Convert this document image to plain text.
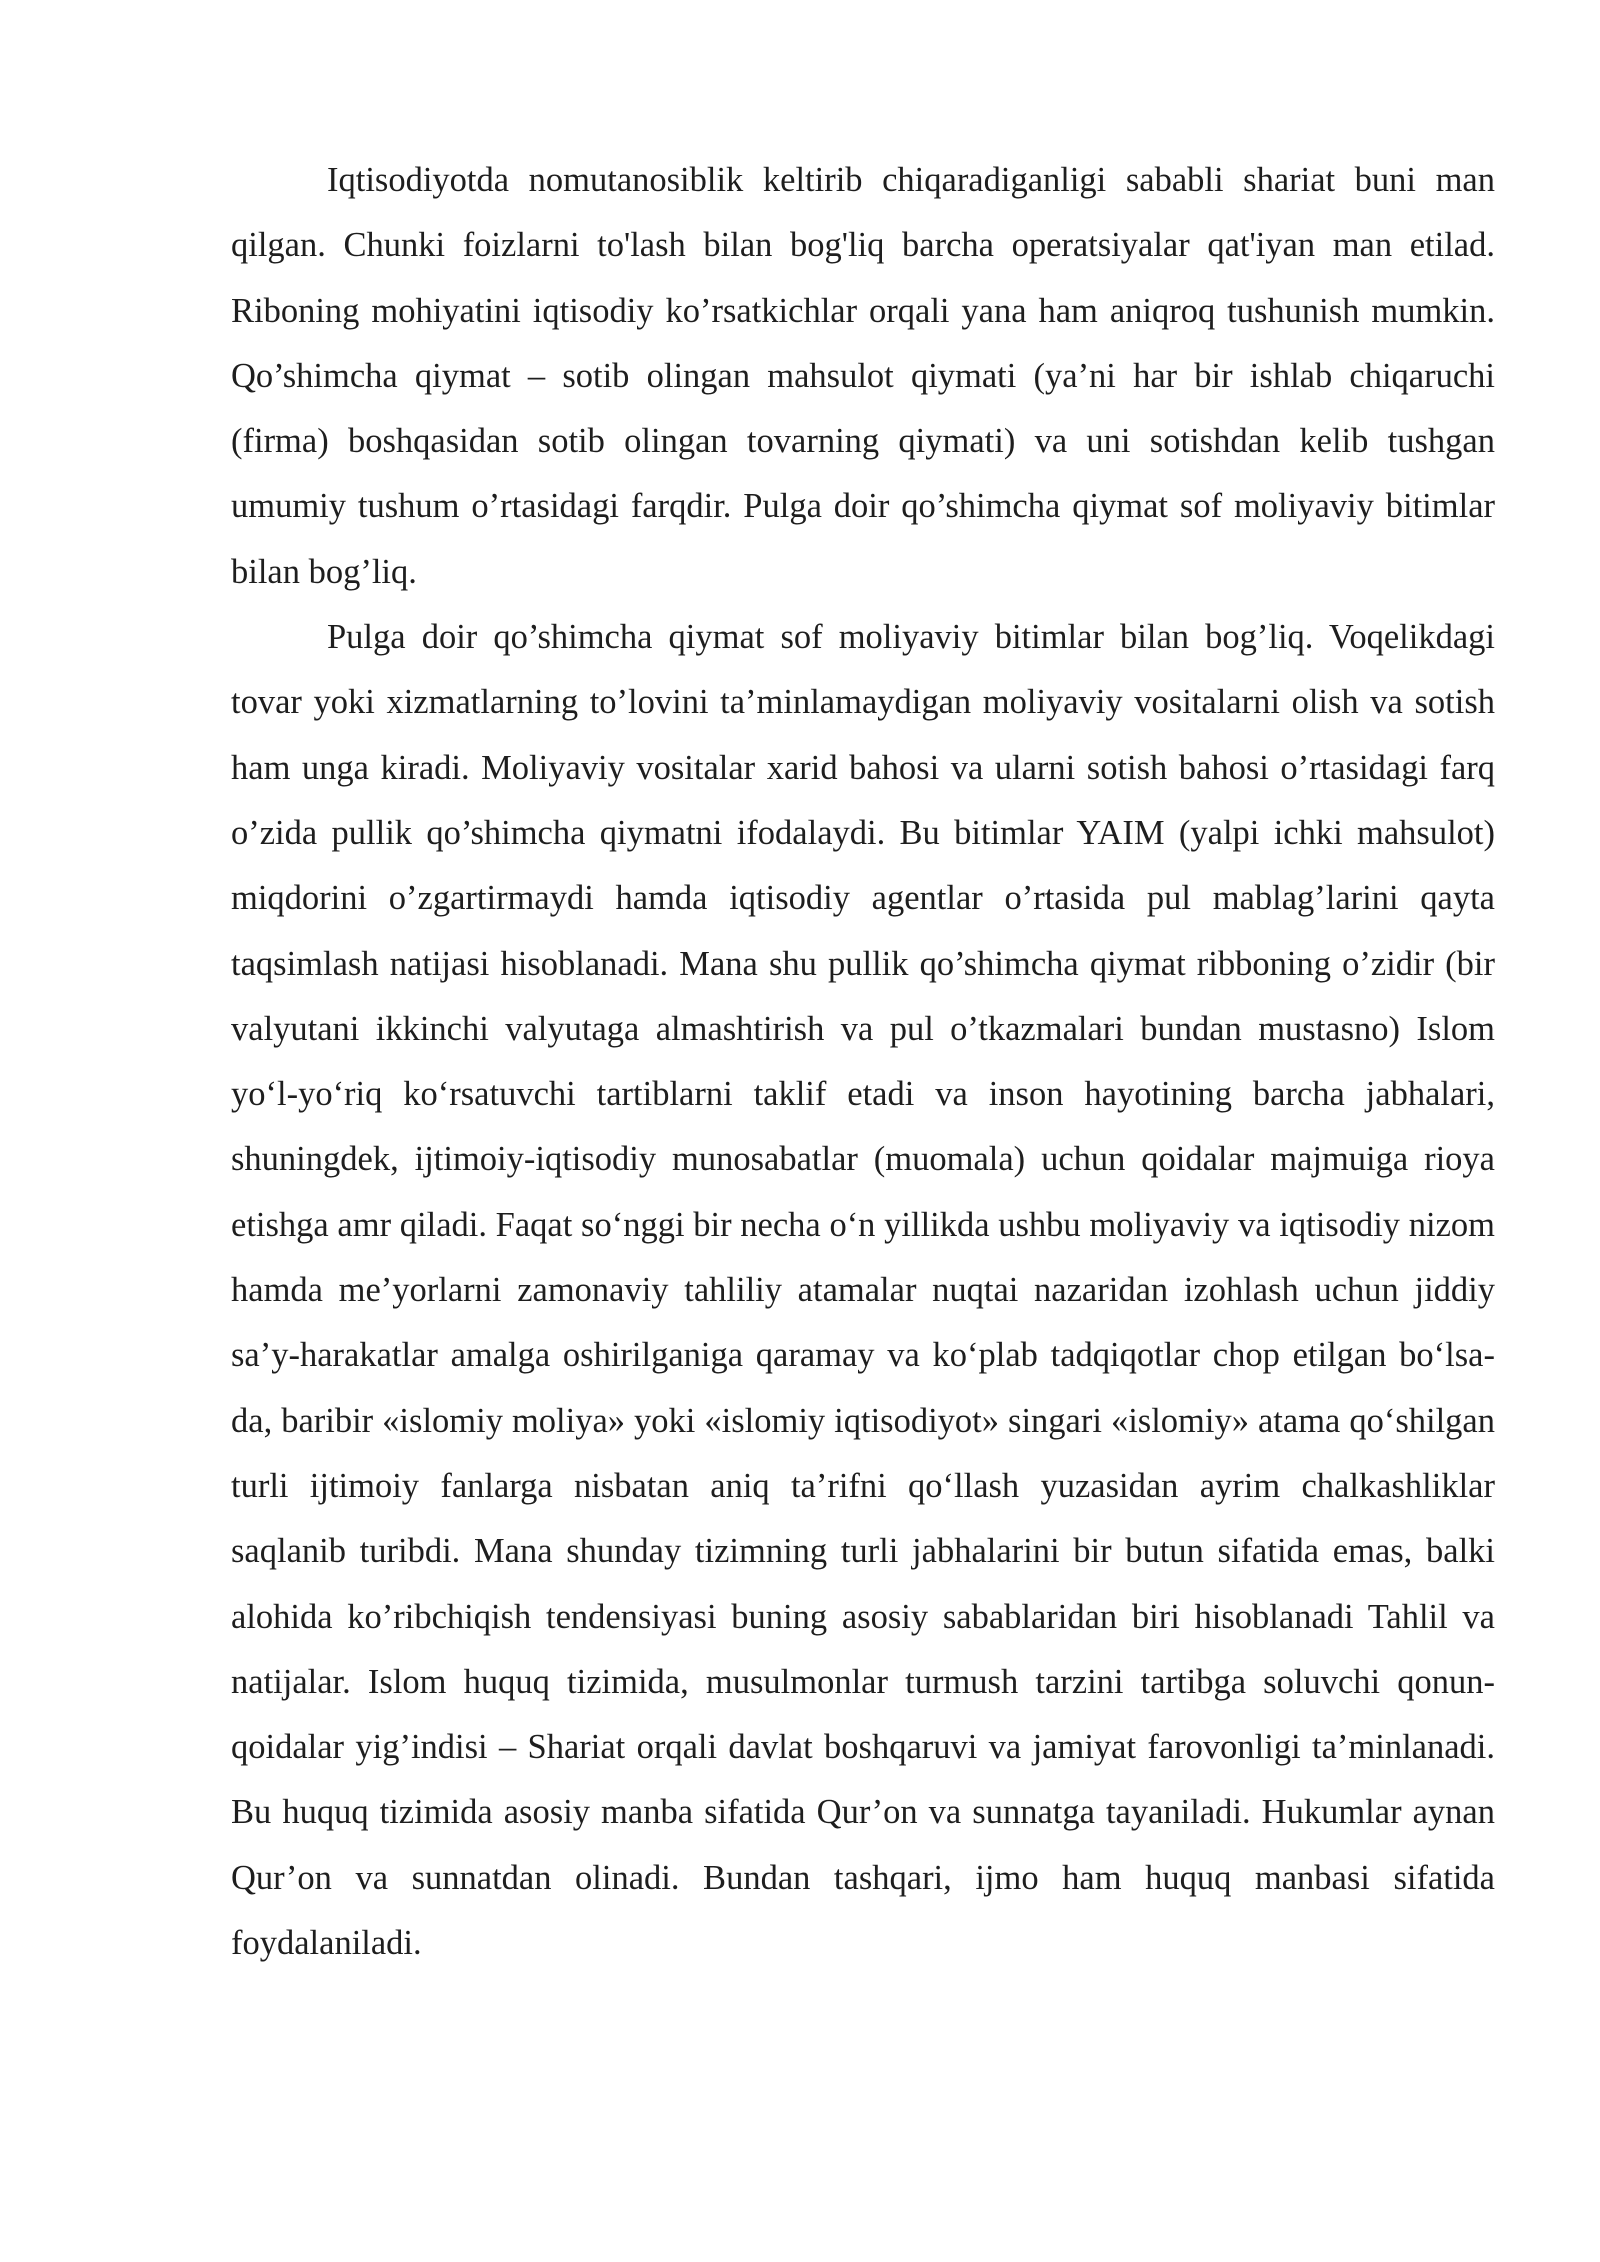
Iqtisodiyotda nomutanosiblik keltirib chiqaradiganligi sababli shariat buni man qilgan. Chunki foizlarni to'lash bilan bog'liq barcha operatsiyalar qat'iyan man etilad. Riboning mohiyatini iqtisodiy ko’rsatkichlar orqali yana ham aniqroq tushunish mumkin. Qo’shimcha qiymat – sotib olingan mahsulot qiymati (ya’ni har bir ishlab chiqaruchi (firma) boshqasidan sotib olingan tovarning qiymati) va uni sotishdan kelib tushgan umumiy tushum o’rtasidagi farqdir. Pulga doir qo’shimcha qiymat sof moliyaviy bitimlar bilan bog’liq.

Pulga doir qo’shimcha qiymat sof moliyaviy bitimlar bilan bog’liq. Voqelikdagi tovar yoki xizmatlarning to’lovini ta’minlamaydigan moliyaviy vositalarni olish va sotish ham unga kiradi. Moliyaviy vositalar xarid bahosi va ularni sotish bahosi o’rtasidagi farq o’zida pullik qo’shimcha qiymatni ifodalaydi. Bu bitimlar YAIM (yalpi ichki mahsulot) miqdorini o’zgartirmaydi hamda iqtisodiy agentlar o’rtasida pul mablag’larini qayta taqsimlash natijasi hisoblanadi. Mana shu pullik qo’shimcha qiymat ribboning o’zidir (bir valyutani ikkinchi valyutaga almashtirish va pul o’tkazmalari bundan mustasno) Islom yo‘l-yo‘riq ko‘rsatuvchi tartiblarni taklif etadi va inson hayotining barcha jabhalari, shuningdek, ijtimoiy-iqtisodiy munosabatlar (muomala) uchun qoidalar majmuiga rioya etishga amr qiladi. Faqat so‘nggi bir necha o‘n yillikda ushbu moliyaviy va iqtisodiy nizom hamda me’yorlarni zamonaviy tahliliy atamalar nuqtai nazaridan izohlash uchun jiddiy sa’y-harakatlar amalga oshirilganiga qaramay va ko‘plab tadqiqotlar chop etilgan bo‘lsa-da, baribir «islomiy moliya» yoki «islomiy iqtisodiyot» singari «islomiy» atama qo‘shilgan turli ijtimoiy fanlarga nisbatan aniq ta’rifni qo‘llash yuzasidan ayrim chalkashliklar saqlanib turibdi. Mana shunday tizimning turli jabhalarini bir butun sifatida emas, balki alohida ko’ribchiqish tendensiyasi buning asosiy sabablaridan biri hisoblanadi Tahlil va natijalar. Islom huquq tizimida, musulmonlar turmush tarzini tartibga soluvchi qonun-qoidalar yig’indisi – Shariat orqali davlat boshqaruvi va jamiyat farovonligi ta’minlanadi. Bu huquq tizimida asosiy manba sifatida Qur’on va sunnatga tayaniladi. Hukumlar aynan Qur’on va sunnatdan olinadi. Bundan tashqari, ijmo ham huquq manbasi sifatida foydalaniladi.
